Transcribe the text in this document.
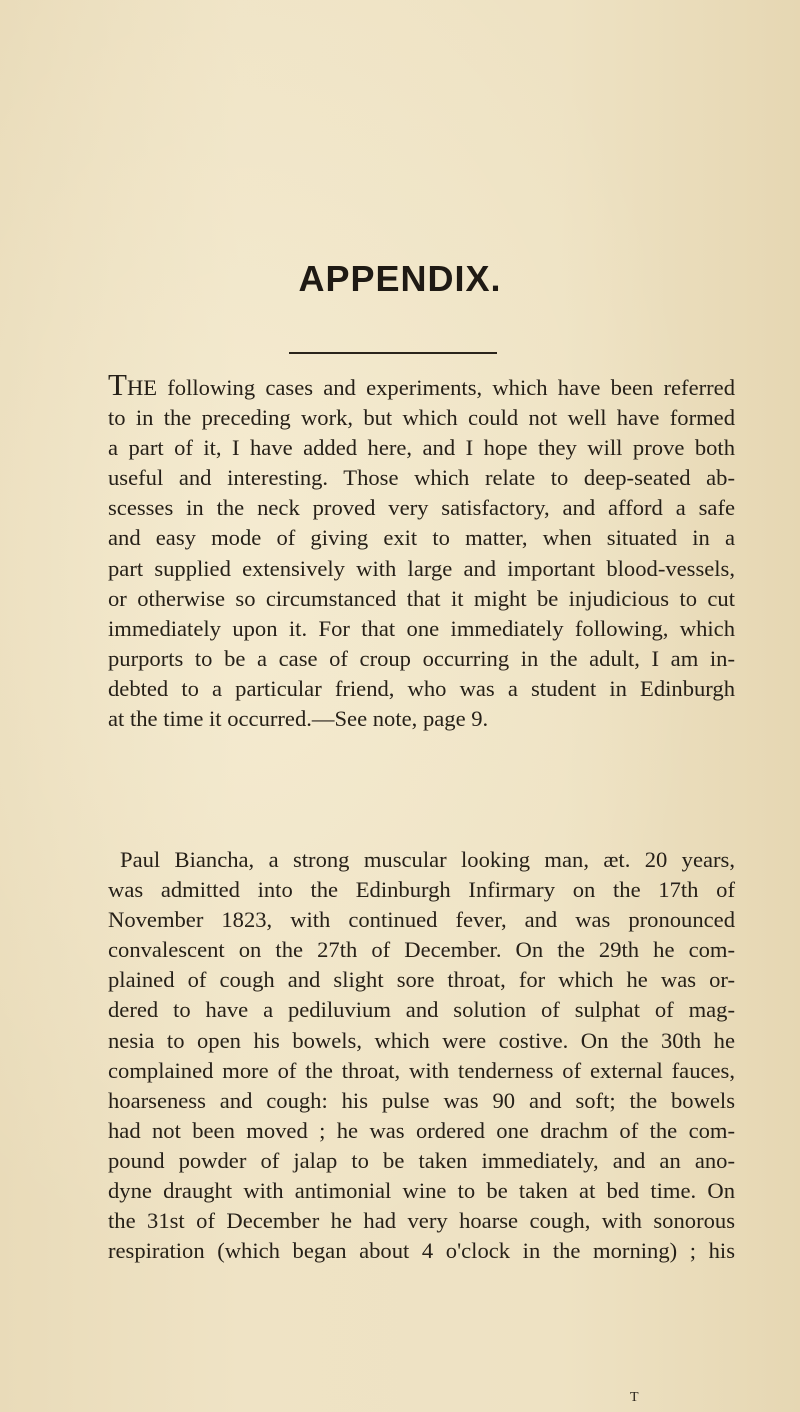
APPENDIX.
THE following cases and experiments, which have been referred
to in the preceding work, but which could not well have formed
a part of it, I have added here, and I hope they will prove both
useful and interesting. Those which relate to deep-seated ab-
scesses in the neck proved very satisfactory, and afford a safe
and easy mode of giving exit to matter, when situated in a
part supplied extensively with large and important blood-vessels,
or otherwise so circumstanced that it might be injudicious to cut
immediately upon it. For that one immediately following, which
purports to be a case of croup occurring in the adult, I am in-
debted to a particular friend, who was a student in Edinburgh
at the time it occurred.—See note, page 9.
Paul Biancha, a strong muscular looking man, æt. 20 years,
was admitted into the Edinburgh Infirmary on the 17th of
November 1823, with continued fever, and was pronounced
convalescent on the 27th of December. On the 29th he com-
plained of cough and slight sore throat, for which he was or-
dered to have a pediluvium and solution of sulphat of mag-
nesia to open his bowels, which were costive. On the 30th he
complained more of the throat, with tenderness of external fauces,
hoarseness and cough: his pulse was 90 and soft; the bowels
had not been moved ; he was ordered one drachm of the com-
pound powder of jalap to be taken immediately, and an ano-
dyne draught with antimonial wine to be taken at bed time. On
the 31st of December he had very hoarse cough, with sonorous
respiration (which began about 4 o'clock in the morning) ; his

T
